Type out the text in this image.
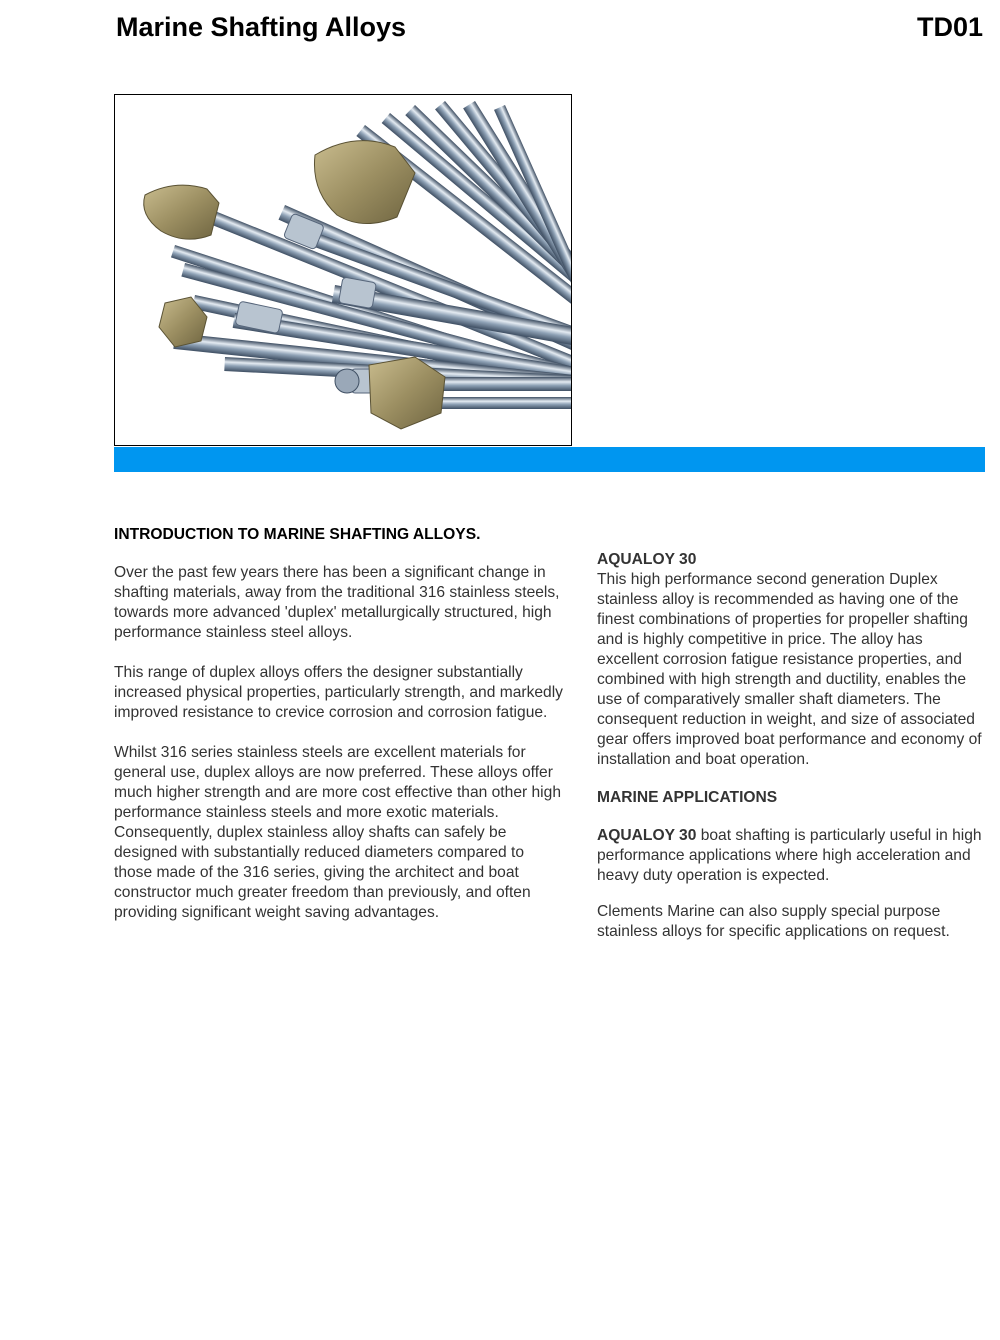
Marine Shafting Alloys	TD01

INTRODUCTION TO MARINE SHAFTING ALLOYS.

Over the past few years there has been a significant change in shafting materials, away from the traditional 316 stainless steels, towards more advanced 'duplex' metallurgically structured, high performance stainless steel alloys.

This range of duplex alloys offers the designer substantially increased physical properties, particularly strength, and markedly improved resistance to crevice corrosion and corrosion fatigue.

Whilst 316 series stainless steels are excellent materials for general use, duplex alloys are now preferred. These alloys offer much higher strength and are more cost effective than other high performance stainless steels and more exotic materials. Consequently, duplex stainless alloy shafts can safely be designed with substantially reduced diameters compared to those made of the 316 series, giving the architect and boat constructor much greater freedom than previously, and often providing significant weight saving advantages.

AQUALOY 30

This high performance second generation Duplex stainless alloy is recommended as having one of the finest combinations of properties for propeller shafting and is highly competitive in price. The alloy has excellent corrosion fatigue resistance properties, and combined with high strength and ductility, enables the use of comparatively smaller shaft diameters. The consequent reduction in weight, and size of associated gear offers improved boat performance and economy of installation and boat operation.

MARINE APPLICATIONS

AQUALOY 30 boat shafting is particularly useful in high performance applications where high acceleration and heavy duty operation is expected.

Clements Marine can also supply special purpose stainless alloys for specific applications on request.
